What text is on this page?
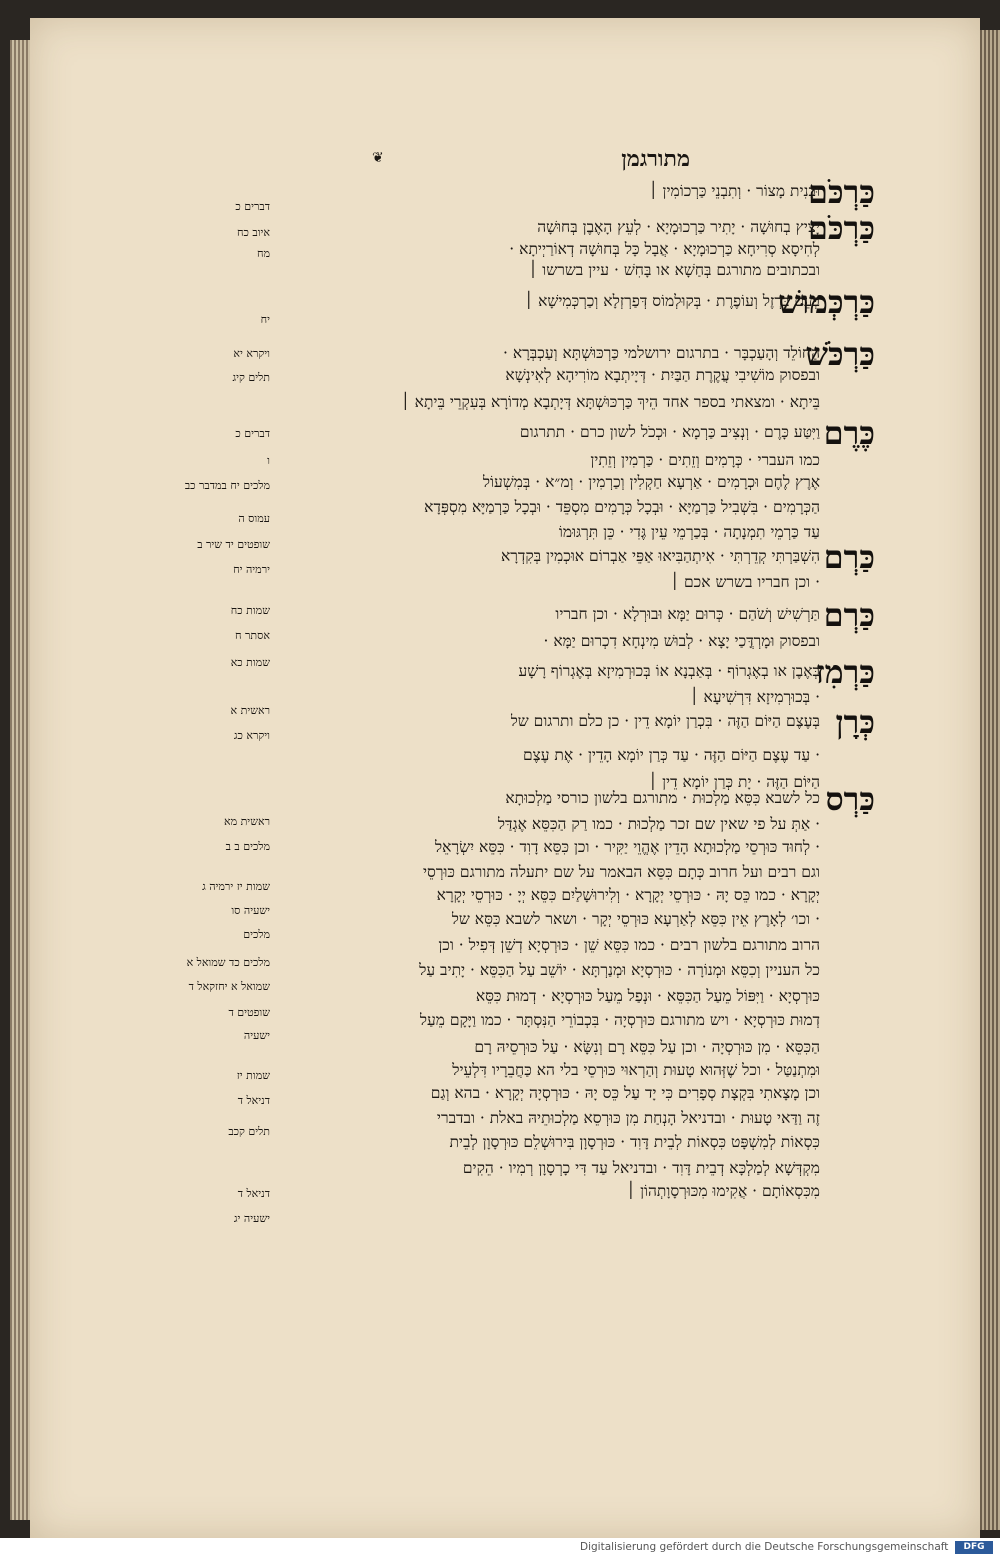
מתורגמן
❦
כַּרְכֹּם
וּבָנִית מָצוֹר · וְתִבְנֵי כַּרְכוֹמִין ׀
כַּרְכֹּם
יָצִיץ בְחוּשָׁה · יָתִיר כַּרְכוּמָיָא · לְעֵץ הָאֶבֶן בְּחוּשָׁה
לְחִיסָא סְרִיחָא כַּרְכוּמָיָא · אֲבָל כָּל בְּחוּשָׁה דְאוֹרַיְיתָא ·
ובכתובים מתורגם בְּחַשָׁא או בָּחִשׁ · עיין בשרשו ׀
כַּרְכְּמוּשׁ
בְּעֵט בַּרְזֶל וְעוֹפֶרֶת · בְּקוּלְמוֹס דְּפַרְזְלָא וְכַרְכְּמִישָׁא ׀
כַּרְכֹּשׁ
הַחוֹלֵד וְהָעַכְבָּר · בתרגום ירושלמי כַּרְכּוּשְׁתָּא וְעַכְבְּרָא ·
ובפסוק מוֹשִׁיבִי עֲקֶרֶת הַבַּיִת · דְּיָיתְבָא מוֹרִיהָא לְאִינְשָׁא
בֵּיתָא · ומצאתי בספר אחד הֵיךְ כַּרְכּוּשְׁתָּא דְּיָתְבָא מְדוֹרָא בְּעִקְרֵי בֵּיתָא ׀
כֶּרֶם
וַיִּטַּע כָּרֶם · וְנְצִיב כַּרְמָא · וּכְכֹל לשון כרם · תתרגום
כמו העברי · כְּרָמִים וְזֵתִים · כַּרְמִין וְזֵתִין
אֶרֶץ לֶחֶם וּכְרָמִים · אַרְעָא חַקְלִין וְכַרְמִין · וְמ״א · בְּמִשְׁעוֹל
הַכְּרָמִים · בִּשְׁבִיל כַּרְמַיָּא · וּבְכָל כְּרָמִים מִסְפֵּד · וּבְכָל כַּרְמַיָּא מִסְפְּדָא
עַד כַּרְמֵי תִמְנָתָה · בְּכַרְמֵי עֵין גֶּדִי · כֵּן תִּרְגּוּמוֹ
כַּרְם
הִשְׁבַּרְתִּי קְדֵרְתִּי · אִיתְהַבִּיאוּ אַפֵּי אַבְרוֹם אוּכְמִין בְּקִדְרָא
· וכן חבריו בשרש אכם ׀
כַּרְם
תַּרְשִׁישׁ וְשֹׁהַם · כְּרוּם יַמָּא וּבוּרְלָא · וכן חבריו
ובפסוק וּמָרְדֳּכַי יָצָא · לְבוּשׁ מִינְחָא דִכְרוּם יַמָּא ·
כַּרְמִז
בְּאֶבֶן או בְאֶגְרוֹף · בְּאַבְנָא אוֹ בְּכוּרְמִיזָא בְּאֶגְרוֹף רָשָׁע
· בְּכוּרְמִיזָא דִּרְשִׁיעָא ׀
כְּרָן
בְּעֶצֶם הַיּוֹם הַזֶּה · בִּכְרַן יוֹמָא דֵין · כן כלם ותרגום של
· עַד עֶצֶם הַיּוֹם הַזֶּה · עַד כְּרַן יוֹמָא הָדֵין · אֶת עֶצֶם
הַיּוֹם הַזֶּה · יָת כְּרַן יוֹמָא דֵין ׀ כַּרְס
כל לשבא כִּסֵּא מַלְכוּת · מתורגם בלשון כורסי מַלְכוּתָא
· אַתְּ על פי שאין שם זכר מַלְכוּת · כמו רַק הַכִּסֵּא אֶגְדַּל
· לְחוּד כּוּרְסֵי מַלְכוּתָא הָדֵין אֶהֱוֵי יַקִּיר · וכן כִּסֵּא דָוִד · כִּסֵּא יִשְׂרָאֵל
וגם רבים ועל חרוב כְּתָם כִּסֵּא הבאמר על שם יתעלה מתורגם כּוּרְסֵי
יְקָרָא · כמו כֵּס יָהּ · כּוּרְסֵי יְקָרָא · וְלִירוּשָׁלַיִם כִּסֵּא יְיָ · כּוּרְסֵי יְקָרָא
· וכו׳ לְאָרֶץ אֵין כִּסֵּא לְאַרְעָא כּוּרְסֵי יְקָר · ושאר לשבא כִּסֵּא של
הרוב מתורגם בלשון רבים · כמו כִּסֵּא שֵׁן · כּוּרְסְיָא דְשֵׁן דְּפִיל · וכן
כל העניין וְכִסֵּא וּמְנוֹרָה · כּוּרְסְיָא וּמְנַרְתָּא · יוֹשֵׁב עַל הַכִּסֵּא · יָתִיב עַל
כּוּרְסְיָא · וַיִּפּוֹל מֵעַל הַכִּסֵּא · וּנְפַל מֵעַל כּוּרְסְיָא · דְמוּת כִּסֵּא
דְמוּת כּוּרְסְיָא · ויש מתורגם כּוּרְסְיָה · בִּכְבוֹרֵי הַנִּסְתָּר · כמו וַיָּקָם מֵעַל
הַכִּסֵּא · מִן כּוּרְסְיָה · וכן עַל כִּסֵּא רָם וְנִשָּׂא · עַל כּוּרְסֵיהּ רָם
וּמִתְנַטַּל · וכל שֶׁזְּהוּא טָעוּת וְהַרְאוּי כּוּרְסֵי בלי הא כַּחֲבֵרָיו דִּלְעֵיל
וכן מָצָאתִי בִּקְצָת סְפָרִים כִּי יָד עַל כֵּס יָהּ · כּוּרְסְיָה יְקָרָא · בהא וְגַם
זֶה וַדַּאי טָעוּת · ובדניאל הָנְחַת מִן כּוּרְסֵא מַלְכוּתֵיהּ באלת · ובדברי
כִּסְאוֹת לְמִשְׁפָּט כִּסְאוֹת לְבֵית דָּוִד · כּוּרְסָוָן בִּירוּשְׁלֵם כּוּרְסָוָן לְבֵית
מִקְדְּשָׁא לְמַלְכָּא דְבֵית דָּוִד · ובדניאל עַד דִּי כָרְסָוָן רְמִיו · הֵקִים
מִכִּסְאוֹתָם · אֲקִימוּ מִכּוּרְסָוָתְהוֹן ׀
דברים כ
איוב כח
מח
יח
ויקרא יא
תלים קיג
דברים כ
ו
מלכים יח במדבר כב
עמוס ה
שופטים יד שיר ב
ירמיה יח
שמות כח
אסתר ח
שמות כא
ראשית א
ויקרא כג
ראשית מא
מלכים ב ב
שמות יז ירמיה ג
ישעיה סו
מלכים
מלכים כד שמואל א
שמואל א יחזקאל ד
שופטים ד
ישעיה
שמות יז
דניאל ד
תלים קכב
דניאל ד
ישעיה יג
Digitalisierung gefördert durch die Deutsche Forschungsgemeinschaft	DFG
